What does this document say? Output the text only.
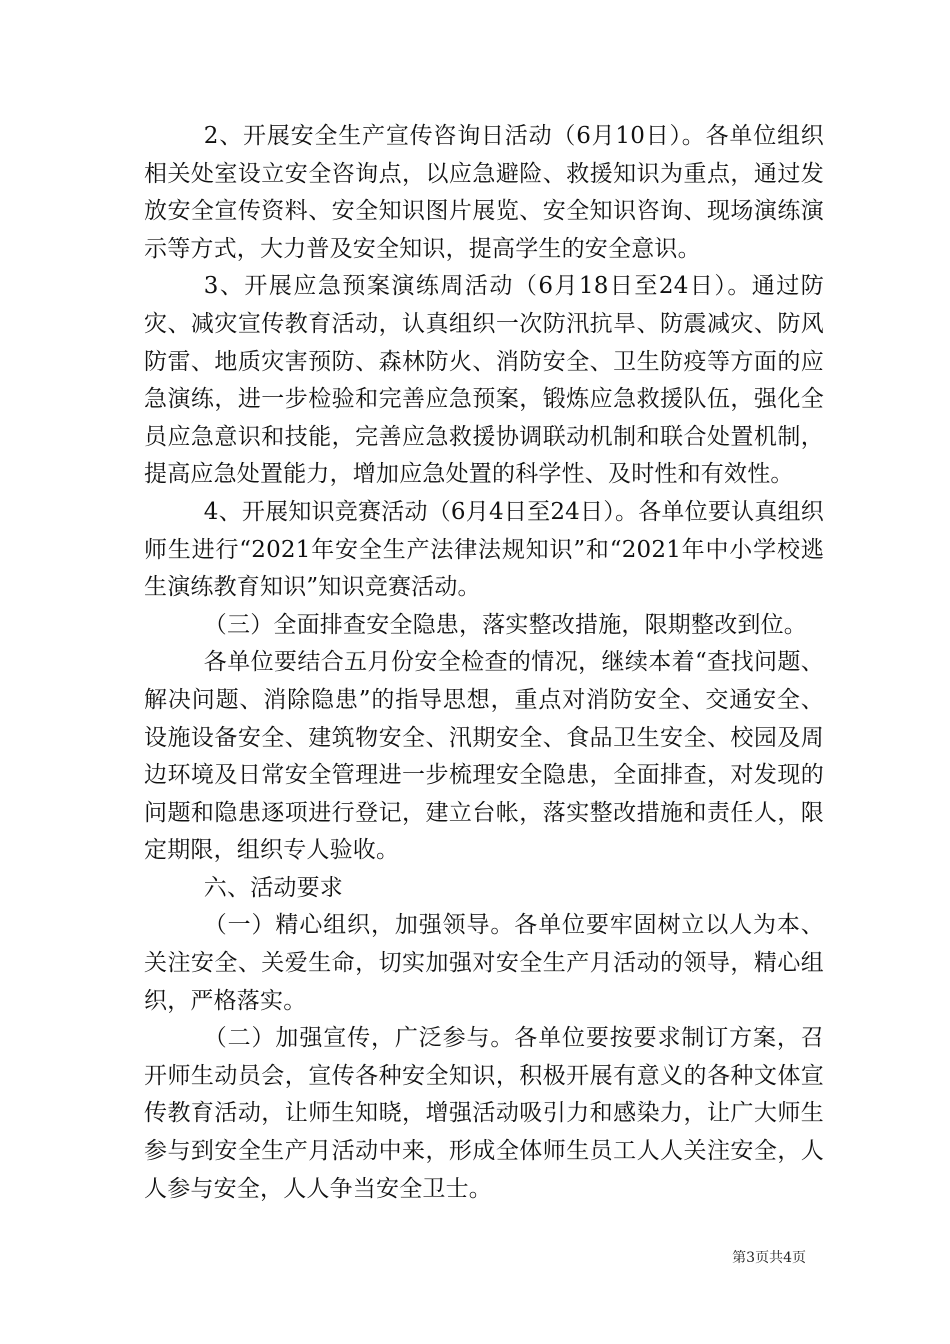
2、开展安全生产宣传咨询日活动（6月10日）。各单位组织相关处室设立安全咨询点，以应急避险、救援知识为重点，通过发放安全宣传资料、安全知识图片展览、安全知识咨询、现场演练演示等方式，大力普及安全知识，提高学生的安全意识。

3、开展应急预案演练周活动（6月18日至24日）。通过防灾、减灾宣传教育活动，认真组织一次防汛抗旱、防震减灾、防风防雷、地质灾害预防、森林防火、消防安全、卫生防疫等方面的应急演练，进一步检验和完善应急预案，锻炼应急救援队伍，强化全员应急意识和技能，完善应急救援协调联动机制和联合处置机制，提高应急处置能力，增加应急处置的科学性、及时性和有效性。

4、开展知识竞赛活动（6月4日至24日）。各单位要认真组织师生进行“2021年安全生产法律法规知识”和“2021年中小学校逃生演练教育知识”知识竞赛活动。

（三）全面排查安全隐患，落实整改措施，限期整改到位。

各单位要结合五月份安全检查的情况，继续本着“查找问题、解决问题、消除隐患”的指导思想，重点对消防安全、交通安全、设施设备安全、建筑物安全、汛期安全、食品卫生安全、校园及周边环境及日常安全管理进一步梳理安全隐患，全面排查，对发现的问题和隐患逐项进行登记，建立台帐，落实整改措施和责任人，限定期限，组织专人验收。

六、活动要求

（一）精心组织，加强领导。各单位要牢固树立以人为本、关注安全、关爱生命，切实加强对安全生产月活动的领导，精心组织，严格落实。

（二）加强宣传，广泛参与。各单位要按要求制订方案，召开师生动员会，宣传各种安全知识，积极开展有意义的各种文体宣传教育活动，让师生知晓，增强活动吸引力和感染力，让广大师生参与到安全生产月活动中来，形成全体师生员工人人关注安全，人人参与安全，人人争当安全卫士。

第3页共4页
